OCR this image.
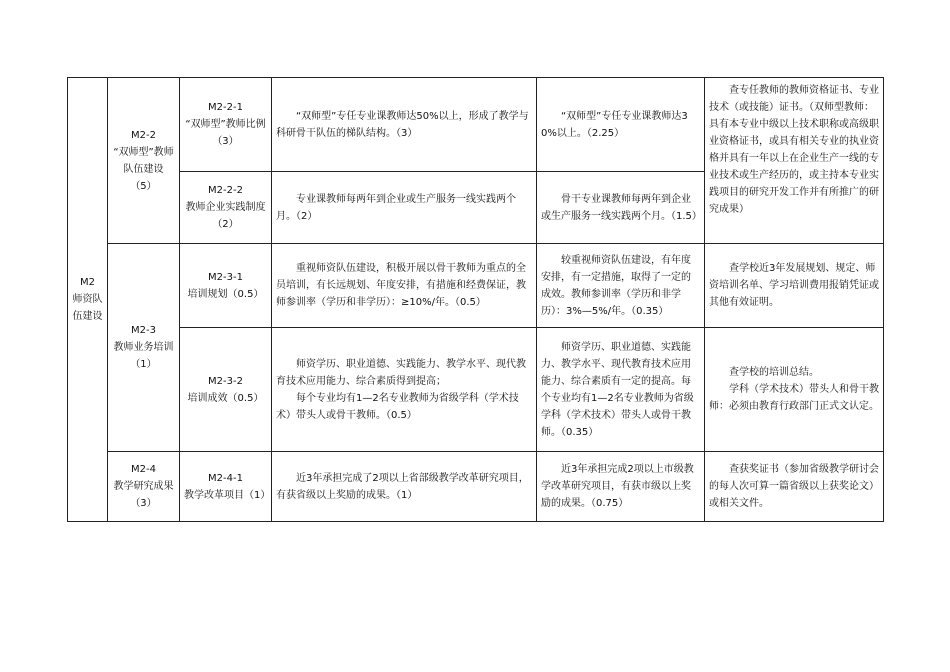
M2
师资队伍建设	M2-2
“双师型”教师队伍建设
（5）	M2-2-1
“双师型”教师比例
（3）	“双师型”专任专业课教师达50%以上，形成了教学与科研骨干队伍的梯队结构。（3）	“双师型”专任专业课教师达30%以上。（2.25）	查专任教师的教师资格证书、专业技术（或技能）证书。（双师型教师：具有本专业中级以上技术职称或高级职业资格证书，或具有相关专业的执业资格并具有一年以上在企业生产一线的专业技术或生产经历的，或主持本专业实践项目的研究开发工作并有所推广的研究成果）

		M2-2-2
教师企业实践制度
（2）	专业课教师每两年到企业或生产服务一线实践两个月。（2）	骨干专业课教师每两年到企业或生产服务一线实践两个月。（1.5）	

	M2-3
教师业务培训
（1）	M2-3-1
培训规划（0.5）	重视师资队伍建设，积极开展以骨干教师为重点的全员培训，有长远规划、年度安排，有措施和经费保证，教师参训率（学历和非学历）：≥10%/年。（0.5）	较重视师资队伍建设，有年度安排，有一定措施，取得了一定的成效。教师参训率（学历和非学历）：3%—5%/年。（0.35）	查学校近3年发展规划、规定、师资培训名单、学习培训费用报销凭证或其他有效证明。

		M2-3-2
培训成效（0.5）	师资学历、职业道德、实践能力、教学水平、现代教育技术应用能力、综合素质得到提高；
每个专业均有1—2名专业教师为省级学科（学术技术）带头人或骨干教师。（0.5）	师资学历、职业道德、实践能力、教学水平、现代教育技术应用能力、综合素质有一定的提高。每个专业均有1—2名专业教师为省级学科（学术技术）带头人或骨干教师。（0.35）	查学校的培训总结。
学科（学术技术）带头人和骨干教师：必须由教育行政部门正式文认定。

	M2-4
教学研究成果
（3）	M2-4-1
教学改革项目（1）	近3年承担完成了2项以上省部级教学改革研究项目，有获省级以上奖励的成果。（1）	近3年承担完成2项以上市级教学改革研究项目，有获市级以上奖励的成果。（0.75）	查获奖证书（参加省级教学研讨会的每人次可算一篇省级以上获奖论文）或相关文件。
